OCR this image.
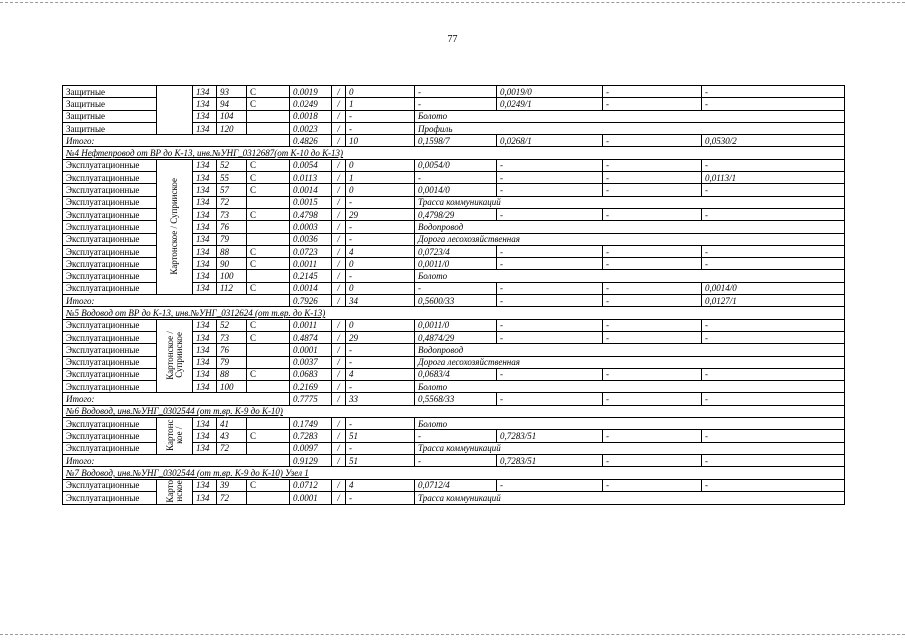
77
Защитные		134	93	C	0.0019	/	0	-	0,0019/0	-	-
Защитные		134	94	C	0.0249	/	1	-	0,0249/1	-	-
Защитные		134	104		0.0018	/	-	Болото			
Защитные		134	120		0.0023	/	-	Профиль			
Итого:					0.4826	/	10	0,1598/7	0,0268/1	-	0,0530/2
№4 Нефтепровод от ВР до К-13, инв.№УНГ_0312687(от К-10 до К-13)											
Эксплуатационные	Картонское / Суприиское	134	52	C	0.0054	/	0	0,0054/0	-	-	-
Эксплуатационные		134	55	C	0.0113	/	1	-	-	-	0,0113/1
Эксплуатационные		134	57	C	0.0014	/	0	0,0014/0	-	-	-
Эксплуатационные		134	72		0.0015	/	-	Трасса коммуникаций			
Эксплуатационные		134	73	C	0.4798	/	29	0,4798/29	-	-	-
Эксплуатационные		134	76		0.0003	/	-	Водопровод			
Эксплуатационные		134	79		0.0036	/	-	Дорога лесохозяйственная			
Эксплуатационные		134	88	C	0.0723	/	4	0,0723/4	-	-	-
Эксплуатационные		134	90	C	0.0011	/	0	0,0011/0	-	-	-
Эксплуатационные		134	100		0.2145	/	-	Болото			
Эксплуатационные		134	112	C	0.0014	/	0	-	-	-	0,0014/0
Итого:					0.7926	/	34	0,5600/33	-	-	0,0127/1
№5 Водовод от ВР до К-13, инв.№УНГ_0312624 (от т.вр. до К-13)											
Эксплуатационные	Картонское / Суприиское	134	52	C	0.0011	/	0	0,0011/0	-	-	-
Эксплуатационные		134	73	C	0.4874	/	29	0,4874/29	-	-	-
Эксплуатационные		134	76		0.0001	/	-	Водопровод			
Эксплуатационные		134	79		0.0037	/	-	Дорога лесохозяйственная			
Эксплуатационные		134	88	C	0.0683	/	4	0,0683/4	-	-	-
Эксплуатационные		134	100		0.2169	/	-	Болото			
Итого:					0.7775	/	33	0,5568/33	-	-	-
№6 Водовод, инв.№УНГ_0302544 (от т.вр. К-9 до К-10)											
Эксплуатационные	Картонс кое /	134	41		0.1749	/	-	Болото			
Эксплуатационные		134	43	C	0.7283	/	51	-	0,7283/51	-	-
Эксплуатационные		134	72		0.0097	/	-	Трасса коммуникаций			
Итого:					0.9129	/	51	-	0,7283/51	-	-
№7 Водовод, инв.№УНГ_0302544 (от т.вр. К-9 до К-10) Узел 1											
Эксплуатационные	Карто нское	134	39	C	0.0712	/	4	0,0712/4	-	-	-
Эксплуатационные		134	72		0.0001	/	-	Трасса коммуникаций			
